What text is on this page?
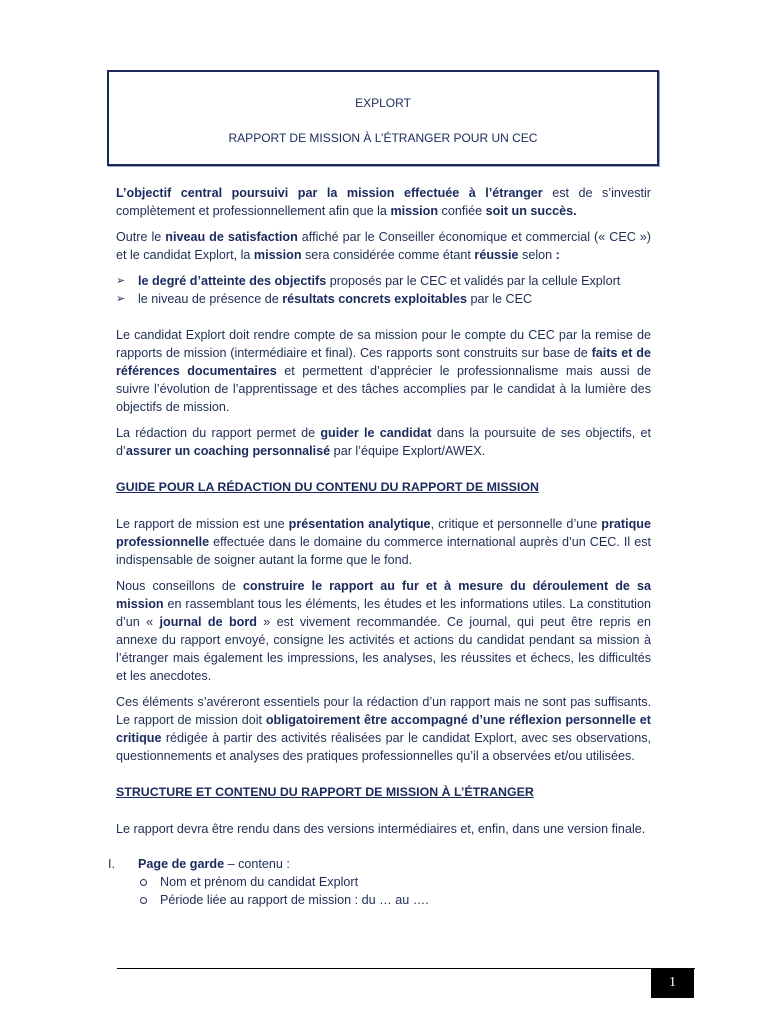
EXPLORT
RAPPORT DE MISSION À L’ÉTRANGER POUR UN CEC

L’objectif central poursuivi par la mission effectuée à l’étranger est de s’investir complètement et professionnellement afin que la mission confiée soit un succès.

Outre le niveau de satisfaction affiché par le Conseiller économique et commercial (« CEC ») et le candidat Explort, la mission sera considérée comme étant réussie selon :

➢ le degré d’atteinte des objectifs proposés par le CEC et validés par la cellule Explort
➢ le niveau de présence de résultats concrets exploitables par le CEC

Le candidat Explort doit rendre compte de sa mission pour le compte du CEC par la remise de rapports de mission (intermédiaire et final). Ces rapports sont construits sur base de faits et de références documentaires et permettent d’apprécier le professionnalisme mais aussi de suivre l’évolution de l’apprentissage et des tâches accomplies par le candidat à la lumière des objectifs de mission.

La rédaction du rapport permet de guider le candidat dans la poursuite de ses objectifs, et d’assurer un coaching personnalisé par l’équipe Explort/AWEX.

GUIDE POUR LA RÉDACTION DU CONTENU DU RAPPORT DE MISSION

Le rapport de mission est une présentation analytique, critique et personnelle d’une pratique professionnelle effectuée dans le domaine du commerce international auprès d’un CEC. Il est indispensable de soigner autant la forme que le fond.

Nous conseillons de construire le rapport au fur et à mesure du déroulement de sa mission en rassemblant tous les éléments, les études et les informations utiles. La constitution d’un « journal de bord » est vivement recommandée. Ce journal, qui peut être repris en annexe du rapport envoyé, consigne les activités et actions du candidat pendant sa mission à l’étranger mais également les impressions, les analyses, les réussites et échecs, les difficultés et les anecdotes.

Ces éléments s’avéreront essentiels pour la rédaction d’un rapport mais ne sont pas suffisants. Le rapport de mission doit obligatoirement être accompagné d’une réflexion personnelle et critique rédigée à partir des activités réalisées par le candidat Explort, avec ses observations, questionnements et analyses des pratiques professionnelles qu’il a observées et/ou utilisées.

STRUCTURE ET CONTENU DU RAPPORT DE MISSION À L’ÉTRANGER

Le rapport devra être rendu dans des versions intermédiaires et, enfin, dans une version finale.

I.	Page de garde – contenu :
Nom et prénom du candidat Explort
Période liée au rapport de mission : du … au ….
1
